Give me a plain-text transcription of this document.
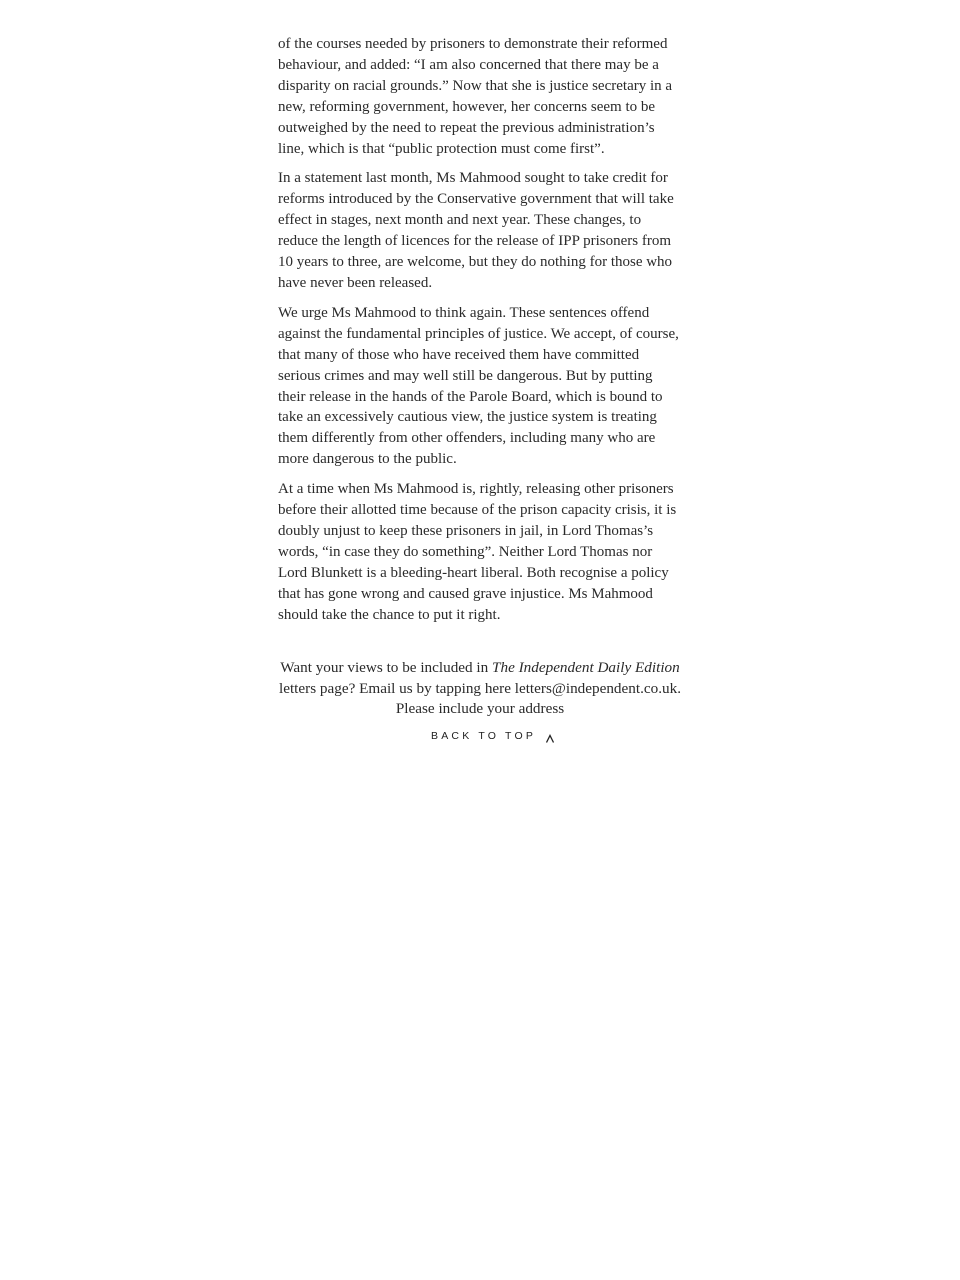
of the courses needed by prisoners to demonstrate their reformed behaviour, and added: “I am also concerned that there may be a disparity on racial grounds.” Now that she is justice secretary in a new, reforming government, however, her concerns seem to be outweighed by the need to repeat the previous administration’s line, which is that “public protection must come first”.

In a statement last month, Ms Mahmood sought to take credit for reforms introduced by the Conservative government that will take effect in stages, next month and next year. These changes, to reduce the length of licences for the release of IPP prisoners from 10 years to three, are welcome, but they do nothing for those who have never been released.

We urge Ms Mahmood to think again. These sentences offend against the fundamental principles of justice. We accept, of course, that many of those who have received them have committed serious crimes and may well still be dangerous. But by putting their release in the hands of the Parole Board, which is bound to take an excessively cautious view, the justice system is treating them differently from other offenders, including many who are more dangerous to the public.

At a time when Ms Mahmood is, rightly, releasing other prisoners before their allotted time because of the prison capacity crisis, it is doubly unjust to keep these prisoners in jail, in Lord Thomas’s words, “in case they do something”. Neither Lord Thomas nor Lord Blunkett is a bleeding-heart liberal. Both recognise a policy that has gone wrong and caused grave injustice. Ms Mahmood should take the chance to put it right.

Want your views to be included in The Independent Daily Edition
letters page? Email us by tapping here letters@independent.co.uk.
Please include your address
BACK TO TOP
